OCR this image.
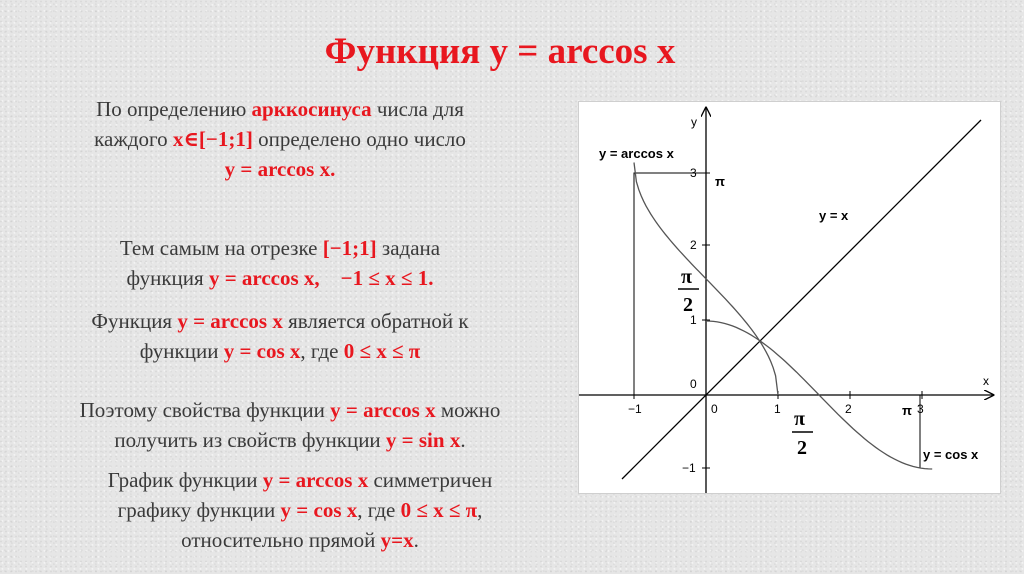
Функция y = arccos x
По определению арккосинуса числа для
каждого x∈[−1;1] определено одно число
y = arccos x.
Тем самым на отрезке [−1;1] задана
функция y = arccos x,    −1 ≤ x ≤ 1.
Функция y = arccos x является обратной к
функции y = cos x, где 0 ≤ x ≤ π
Поэтому свойства функции y = arccos x можно
получить из свойств функции y = sin x.
График функции y = arccos x симметричен
графику функции y = cos x, где 0 ≤ x ≤ π,
относительно прямой y=x.
x
y
−1	0	1	2	3
0
1
2
3
−1
π
π
π
2
π
2
y = arccos x
y = x
y = cos x
